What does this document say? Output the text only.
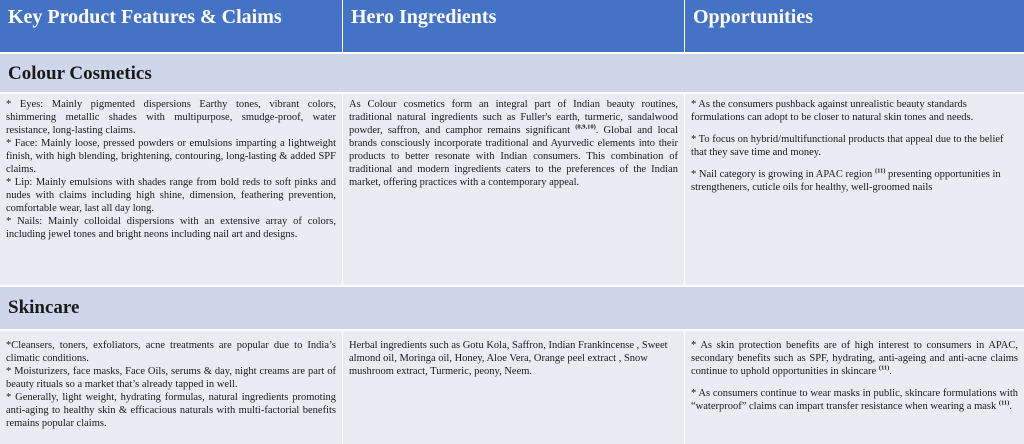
Key Product Features & Claims	Hero Ingredients	Opportunities
Colour Cosmetics

* Eyes: Mainly pigmented dispersions Earthy tones, vibrant colors, shimmering metallic shades with multipurpose, smudge-proof, water resistance, long-lasting claims.

* Face: Mainly loose, pressed powders or emulsions imparting a lightweight finish, with high blending, brightening, contouring, long-lasting & added SPF claims.

* Lip: Mainly emulsions with shades range from bold reds to soft pinks and nudes with claims including high shine, dimension, feathering prevention, comfortable wear, last all day long.

* Nails: Mainly colloidal dispersions with an extensive array of colors, including jewel tones and bright neons including nail art and designs.

As Colour cosmetics form an integral part of Indian beauty routines, traditional natural ingredients such as Fuller's earth, turmeric, sandalwood powder, saffron, and camphor remains significant $^{(8,9,10)}$. Global and local brands consciously incorporate traditional and Ayurvedic elements into their products to better resonate with Indian consumers. This combination of traditional and modern ingredients caters to the preferences of the Indian market, offering practices with a contemporary appeal.

* As the consumers pushback against unrealistic beauty standards formulations can adopt to be closer to natural skin tones and needs.

* To focus on hybrid/multifunctional products that appeal due to the belief that they save time and money.

* Nail category is growing in APAC region $^{(11)}$ presenting opportunities in strengtheners, cuticle oils for healthy, well-groomed nails

Skincare

*Cleansers, toners, exfoliators, acne treatments are popular due to India’s climatic conditions.

* Moisturizers, face masks, Face Oils, serums & day, night creams are part of beauty rituals so a market that’s already tapped in well.

* Generally, light weight, hydrating formulas, natural ingredients promoting anti-aging to healthy skin & efficacious naturals with multi-factorial benefits remains popular claims.

Herbal ingredients such as Gotu Kola, Saffron, Indian Frankincense , Sweet almond oil, Moringa oil, Honey, Aloe Vera, Orange peel extract , Snow mushroom extract, Turmeric, peony, Neem.

* As skin protection benefits are of high interest to consumers in APAC, secondary benefits such as SPF, hydrating, anti-ageing and anti-acne claims continue to uphold opportunities in skincare $^{(11)}$.

* As consumers continue to wear masks in public, skincare formulations with “waterproof” claims can impart transfer resistance when wearing a mask $^{(11)}$.
